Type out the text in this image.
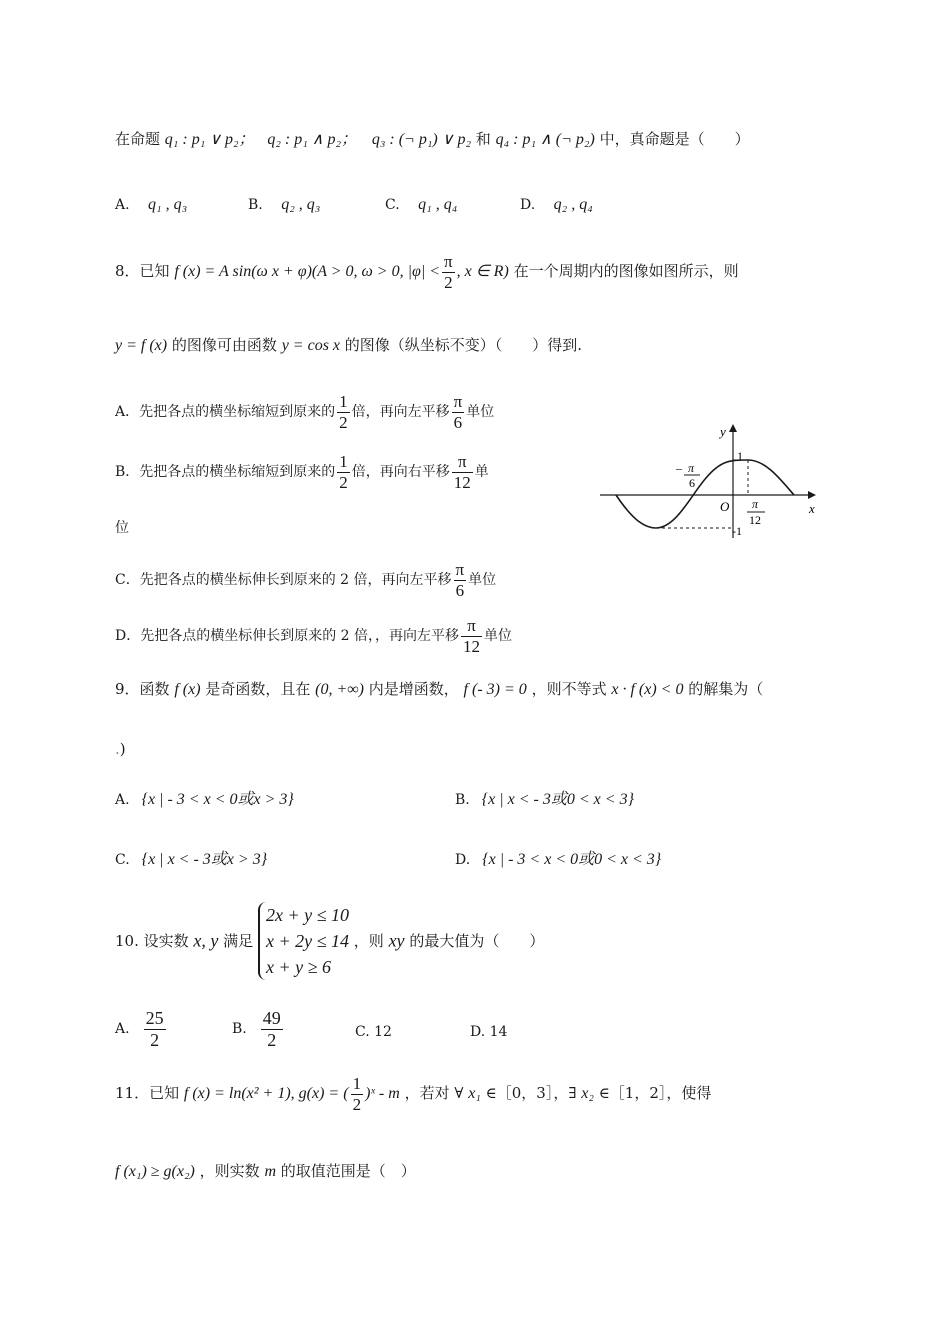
在命题 q₁ : p₁ ∨ p₂； q₂ : p₁ ∧ p₂； q₃ : (¬ p₁) ∨ p₂ 和 q₄ : p₁ ∧ (¬ p₂) 中，真命题是（　　）
A. q₁ , q₃	B. q₂ , q₃	C. q₁ , q₄	D. q₂ , q₄
8．已知 f (x) = A sin(ω x + φ)(A > 0, ω > 0, $|\varphi| < \frac{\pi}{2}$ , x ∈ R) 在一个周期内的图像如图所示，则
y = f (x) 的图像可由函数 y = cos x 的图像（纵坐标不变）（　　）得到.
A．先把各点的横坐标缩短到原来的 $\frac{1}{2}$ 倍，再向左平移 $\frac{\pi}{6}$ 单位
B．先把各点的横坐标缩短到原来的 $\frac{1}{2}$ 倍，再向右平移 $\frac{\pi}{12}$ 单
位
C．先把各点的横坐标伸长到原来的 2 倍，再向左平移 $\frac{\pi}{6}$ 单位
D．先把各点的横坐标伸长到原来的 2 倍，，再向左平移 $\frac{\pi}{12}$ 单位
y
x
O
1
-1
– π
6
π
12
9．函数 f (x) 是奇函数，且在 (0, +∞) 内是增函数， f (- 3) = 0 ，则不等式 x · f (x) < 0 的解集为（
.)
A. {x | - 3 < x < 0或x > 3}	B. {x | x < - 3或0 < x < 3}
C. {x | x < - 3或x > 3}	D. {x | - 3 < x < 0或0 < x < 3}
10. 设实数 x, y 满足
2x + y ≤ 10
x + 2y ≤ 14
x + y ≥ 6
，则 xy 的最大值为（　　）
A. $\frac{25}{2}$	B. $\frac{49}{2}$	C. 12	D. 14
11．已知 f (x) = ln(x² + 1), g(x) = ( $\frac{1}{2}$ )ˣ - m ，若对 ∀ x₁ ∈［0，3］，∃ x₂ ∈［1，2］，使得
f (x₁) ≥ g(x₂) ，则实数 m 的取值范围是（　）
